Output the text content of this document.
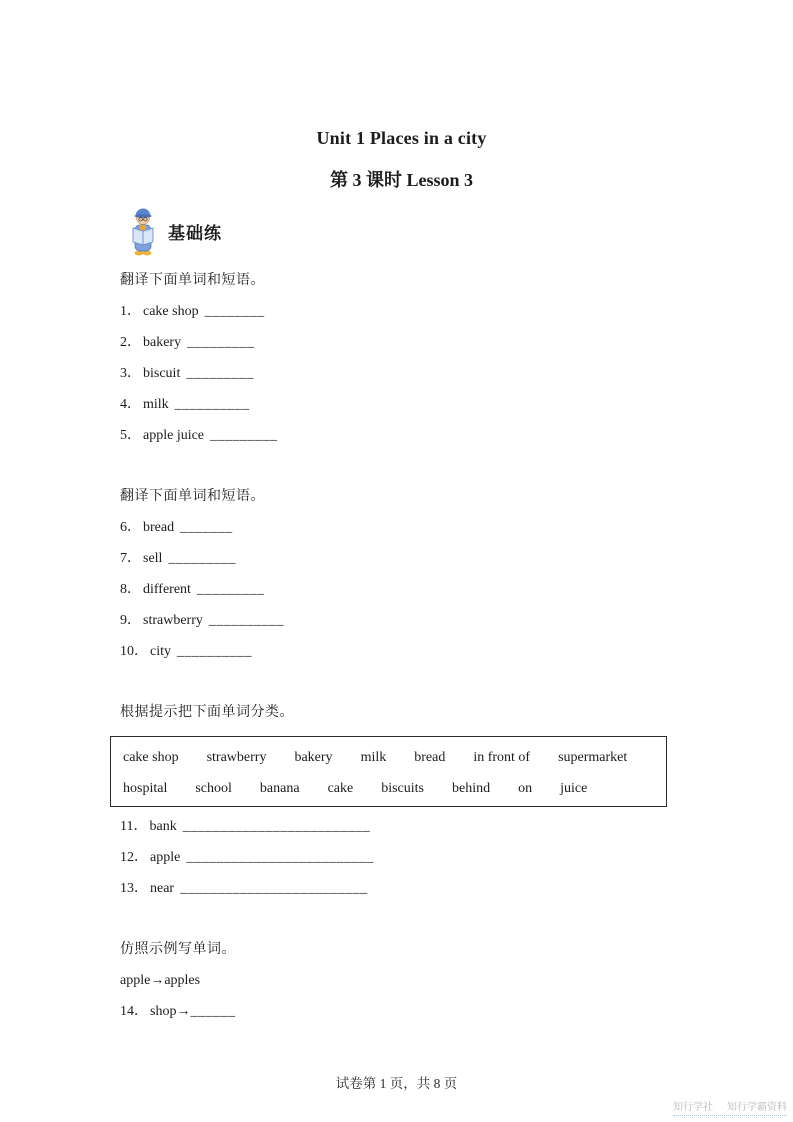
Unit 1 Places in a city
第 3 课时 Lesson 3
基础练

翻译下面单词和短语。

1． cake shop ________

2． bakery _________

3． biscuit _________

4． milk __________

5． apple juice _________

翻译下面单词和短语。

6． bread _______

7． sell _________

8． different _________

9． strawberry __________

10． city __________

根据提示把下面单词分类。

cake shop strawberry bakery milk bread in front of supermarket
hospital school banana cake biscuits behind on juice

11． bank _________________________

12． apple _________________________

13． near _________________________

仿照示例写单词。

apple→apples

14． shop→______

试卷第 1 页，共 8 页
知行学社 知行学霸资料
